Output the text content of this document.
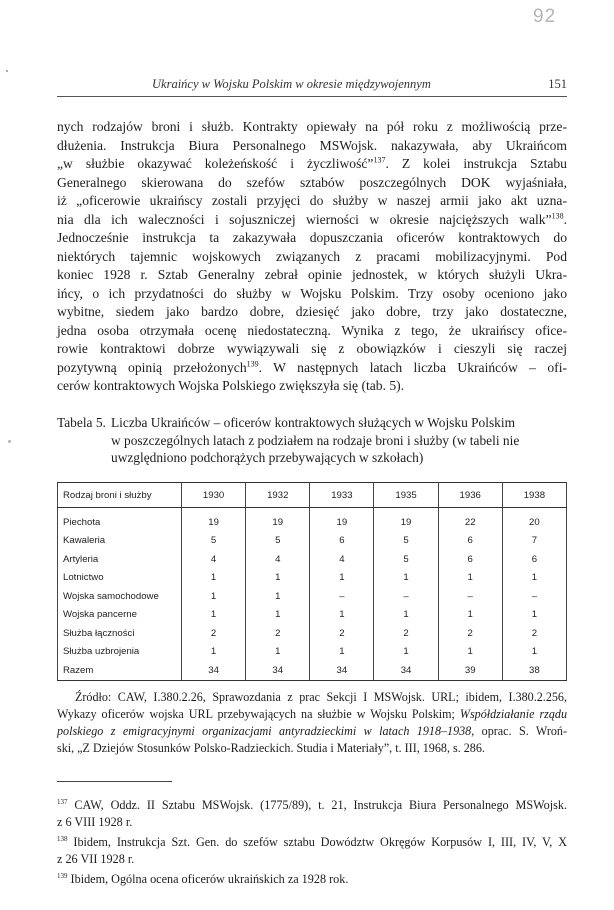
92
Ukraińcy w Wojsku Polskim w okresie międzywojennym	151
nych rodzajów broni i służb. Kontrakty opiewały na pół roku z możliwością prze-
dłużenia. Instrukcja Biura Personalnego MSWojsk. nakazywała, aby Ukraińcom
„w służbie okazywać koleżeńskość i życzliwość”$^{137}$. Z kolei instrukcja Sztabu
Generalnego skierowana do szefów sztabów poszczególnych DOK wyjaśniała,
iż „oficerowie ukraińscy zostali przyjęci do służby w naszej armii jako akt uzna-
nia dla ich waleczności i sojuszniczej wierności w okresie najcięższych walk”$^{138}$.
Jednocześnie instrukcja ta zakazywała dopuszczania oficerów kontraktowych do
niektórych tajemnic wojskowych związanych z pracami mobilizacyjnymi. Pod
koniec 1928 r. Sztab Generalny zebrał opinie jednostek, w których służyli Ukra-
ińcy, o ich przydatności do służby w Wojsku Polskim. Trzy osoby oceniono jako
wybitne, siedem jako bardzo dobre, dziesięć jako dobre, trzy jako dostateczne,
jedna osoba otrzymała ocenę niedostateczną. Wynika z tego, że ukraińscy ofice-
rowie kontraktowi dobrze wywiązywali się z obowiązków i cieszyli się raczej
pozytywną opinią przełożonych$^{139}$. W następnych latach liczba Ukraińców – ofi-
cerów kontraktowych Wojska Polskiego zwiększyła się (tab. 5).
Tabela 5. Liczba Ukraińców – oficerów kontraktowych służących w Wojsku Polskim
w poszczególnych latach z podziałem na rodzaje broni i służby (w tabeli nie
uwzględniono podchorążych przebywających w szkołach)
Rodzaj broni i służby	1930	1932	1933	1935	1936	1938
Piechota	19	19	19	19	22	20
Kawaleria	5	5	6	5	6	7
Artyleria	4	4	4	5	6	6
Lotnictwo	1	1	1	1	1	1
Wojska samochodowe	1	1	–	–	–	–
Wojska pancerne	1	1	1	1	1	1
Służba łączności	2	2	2	2	2	2
Służba uzbrojenia	1	1	1	1	1	1
Razem	34	34	34	34	39	38
Źródło: CAW, I.380.2.26, Sprawozdania z prac Sekcji I MSWojsk. URL; ibidem, I.380.2.256,
Wykazy oficerów wojska URL przebywających na służbie w Wojsku Polskim; Współdziałanie rządu
polskiego z emigracyjnymi organizacjami antyradzieckimi w latach 1918–1938, oprac. S. Wroń-
ski, „Z Dziejów Stosunków Polsko-Radzieckich. Studia i Materiały”, t. III, 1968, s. 286.
$^{137}$ CAW, Oddz. II Sztabu MSWojsk. (1775/89), t. 21, Instrukcja Biura Personalnego MSWojsk.
z 6 VIII 1928 r.
$^{138}$ Ibidem, Instrukcja Szt. Gen. do szefów sztabu Dowództw Okręgów Korpusów I, III, IV, V, X
z 26 VII 1928 r.
$^{139}$ Ibidem, Ogólna ocena oficerów ukraińskich za 1928 rok.
